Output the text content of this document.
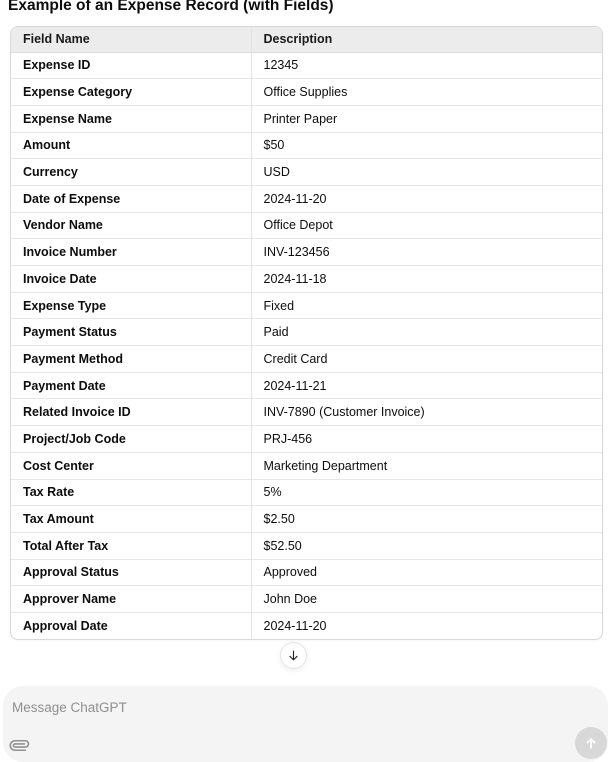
Example of an Expense Record (with Fields)
Field Name	Description
Expense ID	12345
Expense Category	Office Supplies
Expense Name	Printer Paper
Amount	$50
Currency	USD
Date of Expense	2024-11-20
Vendor Name	Office Depot
Invoice Number	INV-123456
Invoice Date	2024-11-18
Expense Type	Fixed
Payment Status	Paid
Payment Method	Credit Card
Payment Date	2024-11-21
Related Invoice ID	INV-7890 (Customer Invoice)
Project/Job Code	PRJ-456
Cost Center	Marketing Department
Tax Rate	5%
Tax Amount	$2.50
Total After Tax	$52.50
Approval Status	Approved
Approver Name	John Doe
Approval Date	2024-11-20
Message ChatGPT
